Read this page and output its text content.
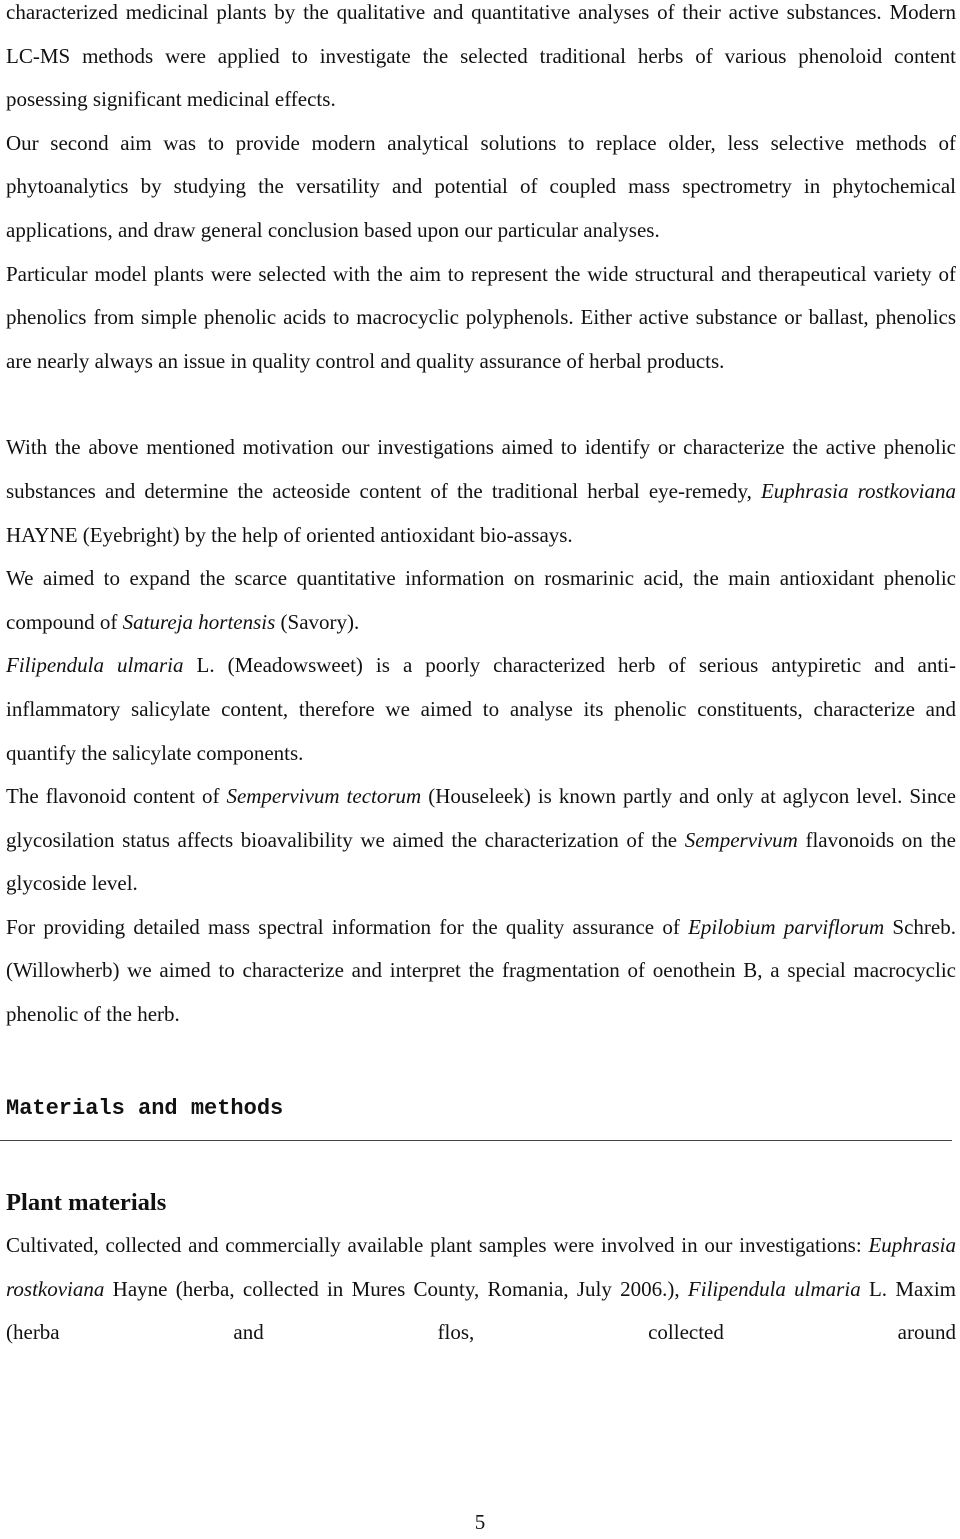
characterized medicinal plants by the qualitative and quantitative analyses of their active substances. Modern LC-MS methods were applied to investigate the selected traditional herbs of various phenoloid content posessing significant medicinal effects.

Our second aim was to provide modern analytical solutions to replace older, less selective methods of phytoanalytics by studying the versatility and potential of coupled mass spectrometry in phytochemical applications, and draw general conclusion based upon our particular analyses.

Particular model plants were selected with the aim to represent the wide structural and therapeutical variety of phenolics from simple phenolic acids to macrocyclic polyphenols. Either active substance or ballast, phenolics are nearly always an issue in quality control and quality assurance of herbal products.

With the above mentioned motivation our investigations aimed to identify or characterize the active phenolic substances and determine the acteoside content of the traditional herbal eye-remedy, Euphrasia rostkoviana HAYNE (Eyebright) by the help of oriented antioxidant bio-assays.

We aimed to expand the scarce quantitative information on rosmarinic acid, the main antioxidant phenolic compound of Satureja hortensis (Savory).

Filipendula ulmaria L. (Meadowsweet) is a poorly characterized herb of serious antypiretic and anti-inflammatory salicylate content, therefore we aimed to analyse its phenolic constituents, characterize and quantify the salicylate components.

The flavonoid content of Sempervivum tectorum (Houseleek) is known partly and only at aglycon level. Since glycosilation status affects bioavalibility we aimed the characterization of the Sempervivum flavonoids on the glycoside level.

For providing detailed mass spectral information for the quality assurance of Epilobium parviflorum Schreb. (Willowherb) we aimed to characterize and interpret the fragmentation of oenothein B, a special macrocyclic phenolic of the herb.

Materials and methods
Plant materials

Cultivated, collected and commercially available plant samples were involved in our investigations: Euphrasia rostkoviana Hayne (herba, collected in Mures County, Romania, July 2006.), Filipendula ulmaria L. Maxim (herba and flos, collected around

5
